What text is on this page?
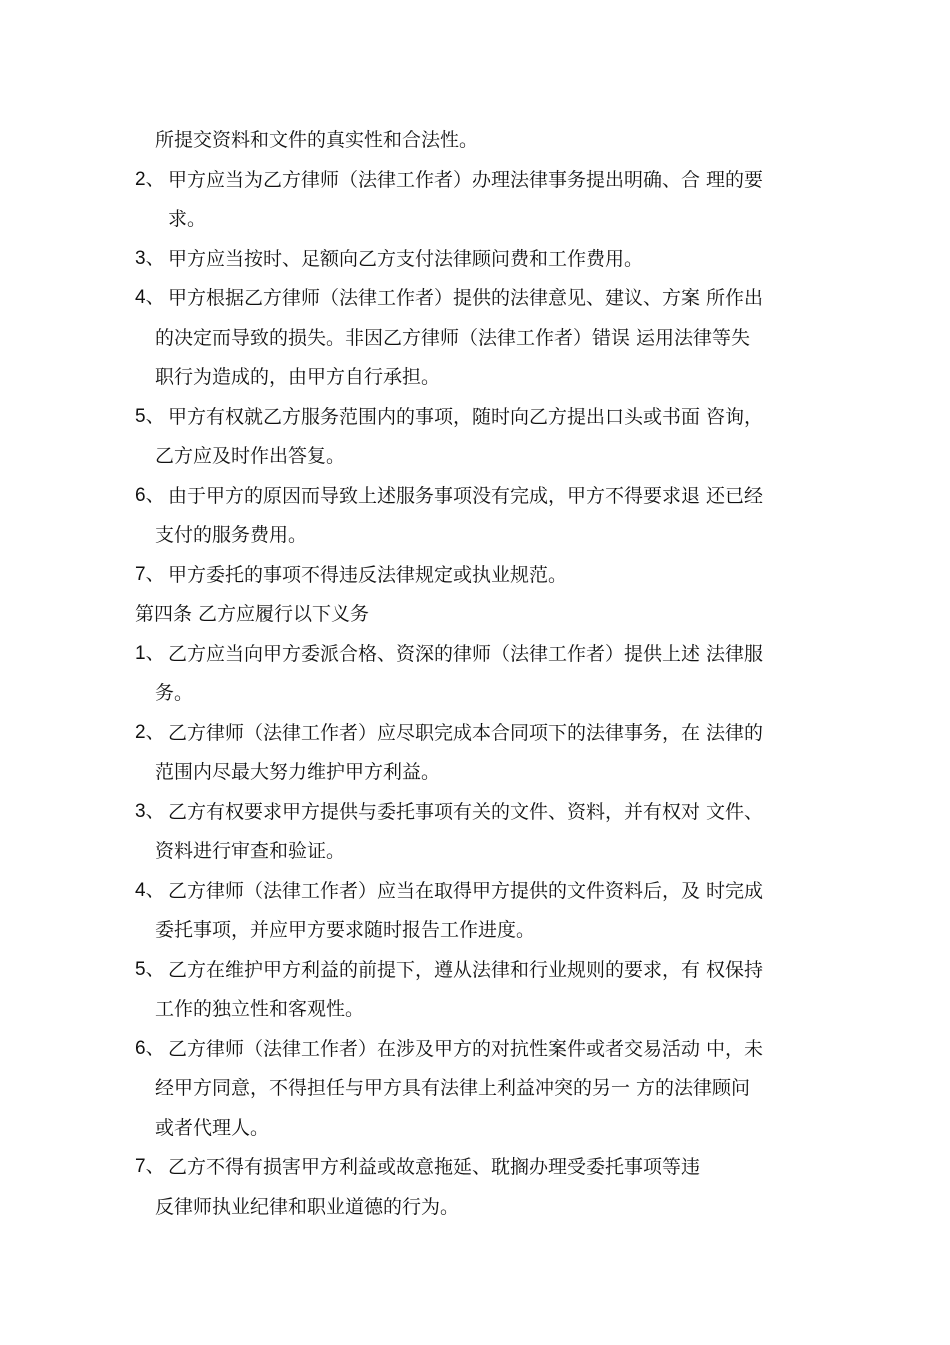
所提交资料和文件的真实性和合法性。
2、 甲方应当为乙方律师（法律工作者）办理法律事务提出明确、合 理的要
求。
3、 甲方应当按时、足额向乙方支付法律顾问费和工作费用。
4、 甲方根据乙方律师（法律工作者）提供的法律意见、建议、方案 所作出
的决定而导致的损失。非因乙方律师（法律工作者）错误 运用法律等失
职行为造成的，由甲方自行承担。
5、 甲方有权就乙方服务范围内的事项，随时向乙方提出口头或书面 咨询，
乙方应及时作出答复。
6、 由于甲方的原因而导致上述服务事项没有完成，甲方不得要求退 还已经
支付的服务费用。
7、 甲方委托的事项不得违反法律规定或执业规范。
第四条 乙方应履行以下义务
1、 乙方应当向甲方委派合格、资深的律师（法律工作者）提供上述 法律服
务。
2、 乙方律师（法律工作者）应尽职完成本合同项下的法律事务，在 法律的
范围内尽最大努力维护甲方利益。
3、 乙方有权要求甲方提供与委托事项有关的文件、资料，并有权对 文件、
资料进行审查和验证。
4、 乙方律师（法律工作者）应当在取得甲方提供的文件资料后，及 时完成
委托事项，并应甲方要求随时报告工作进度。
5、 乙方在维护甲方利益的前提下，遵从法律和行业规则的要求，有 权保持
工作的独立性和客观性。
6、 乙方律师（法律工作者）在涉及甲方的对抗性案件或者交易活动 中，未
经甲方同意，不得担任与甲方具有法律上利益冲突的另一 方的法律顾问
或者代理人。
7、 乙方不得有损害甲方利益或故意拖延、耽搁办理受委托事项等违
反律师执业纪律和职业道德的行为。
